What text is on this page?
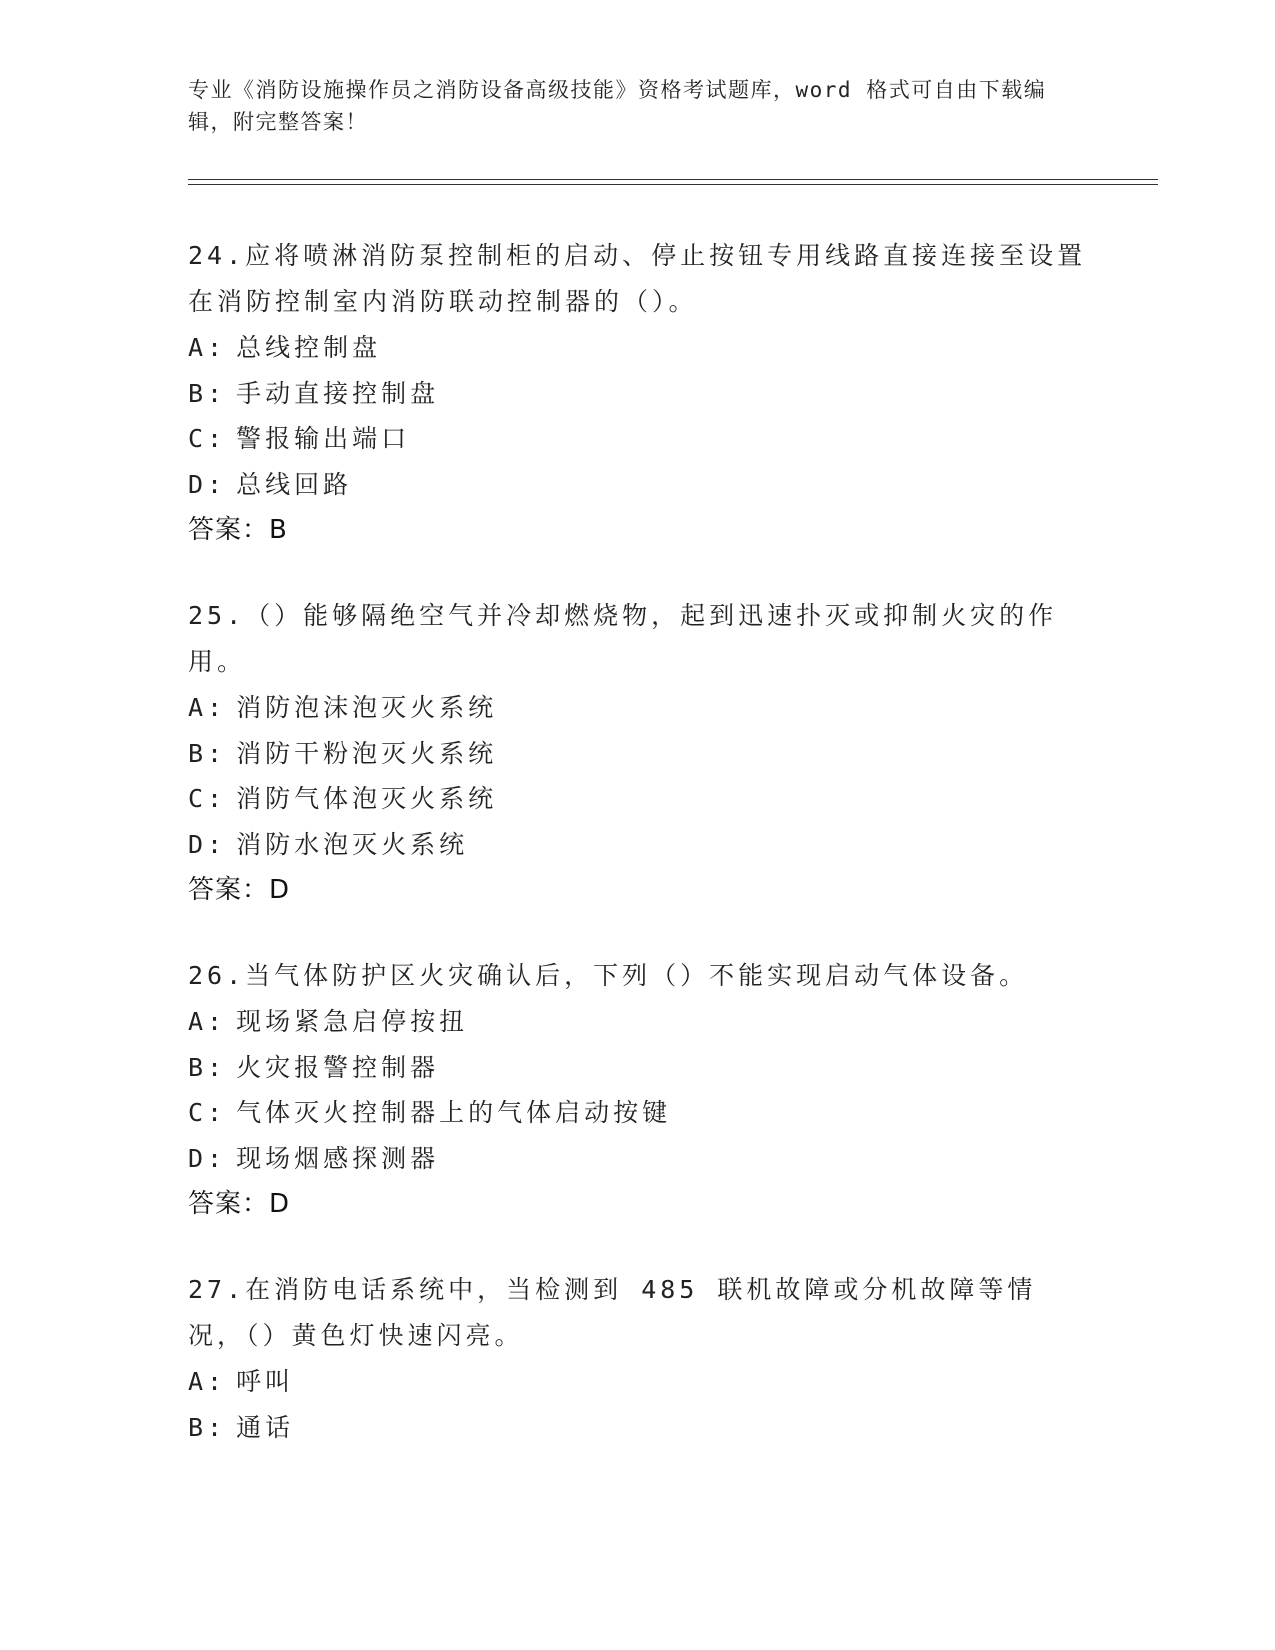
专业《消防设施操作员之消防设备高级技能》资格考试题库，word 格式可自由下载编辑，附完整答案！
24.应将喷淋消防泵控制柜的启动、停止按钮专用线路直接连接至设置在消防控制室内消防联动控制器的（）。
A: 总线控制盘
B: 手动直接控制盘
C: 警报输出端口
D: 总线回路
答案：B
25.（）能够隔绝空气并冷却燃烧物，起到迅速扑灭或抑制火灾的作用。
A: 消防泡沫泡灭火系统
B: 消防干粉泡灭火系统
C: 消防气体泡灭火系统
D: 消防水泡灭火系统
答案：D
26.当气体防护区火灾确认后，下列（）不能实现启动气体设备。
A: 现场紧急启停按扭
B: 火灾报警控制器
C: 气体灭火控制器上的气体启动按键
D: 现场烟感探测器
答案：D
27.在消防电话系统中，当检测到 485 联机故障或分机故障等情况，（）黄色灯快速闪亮。
A: 呼叫
B: 通话
